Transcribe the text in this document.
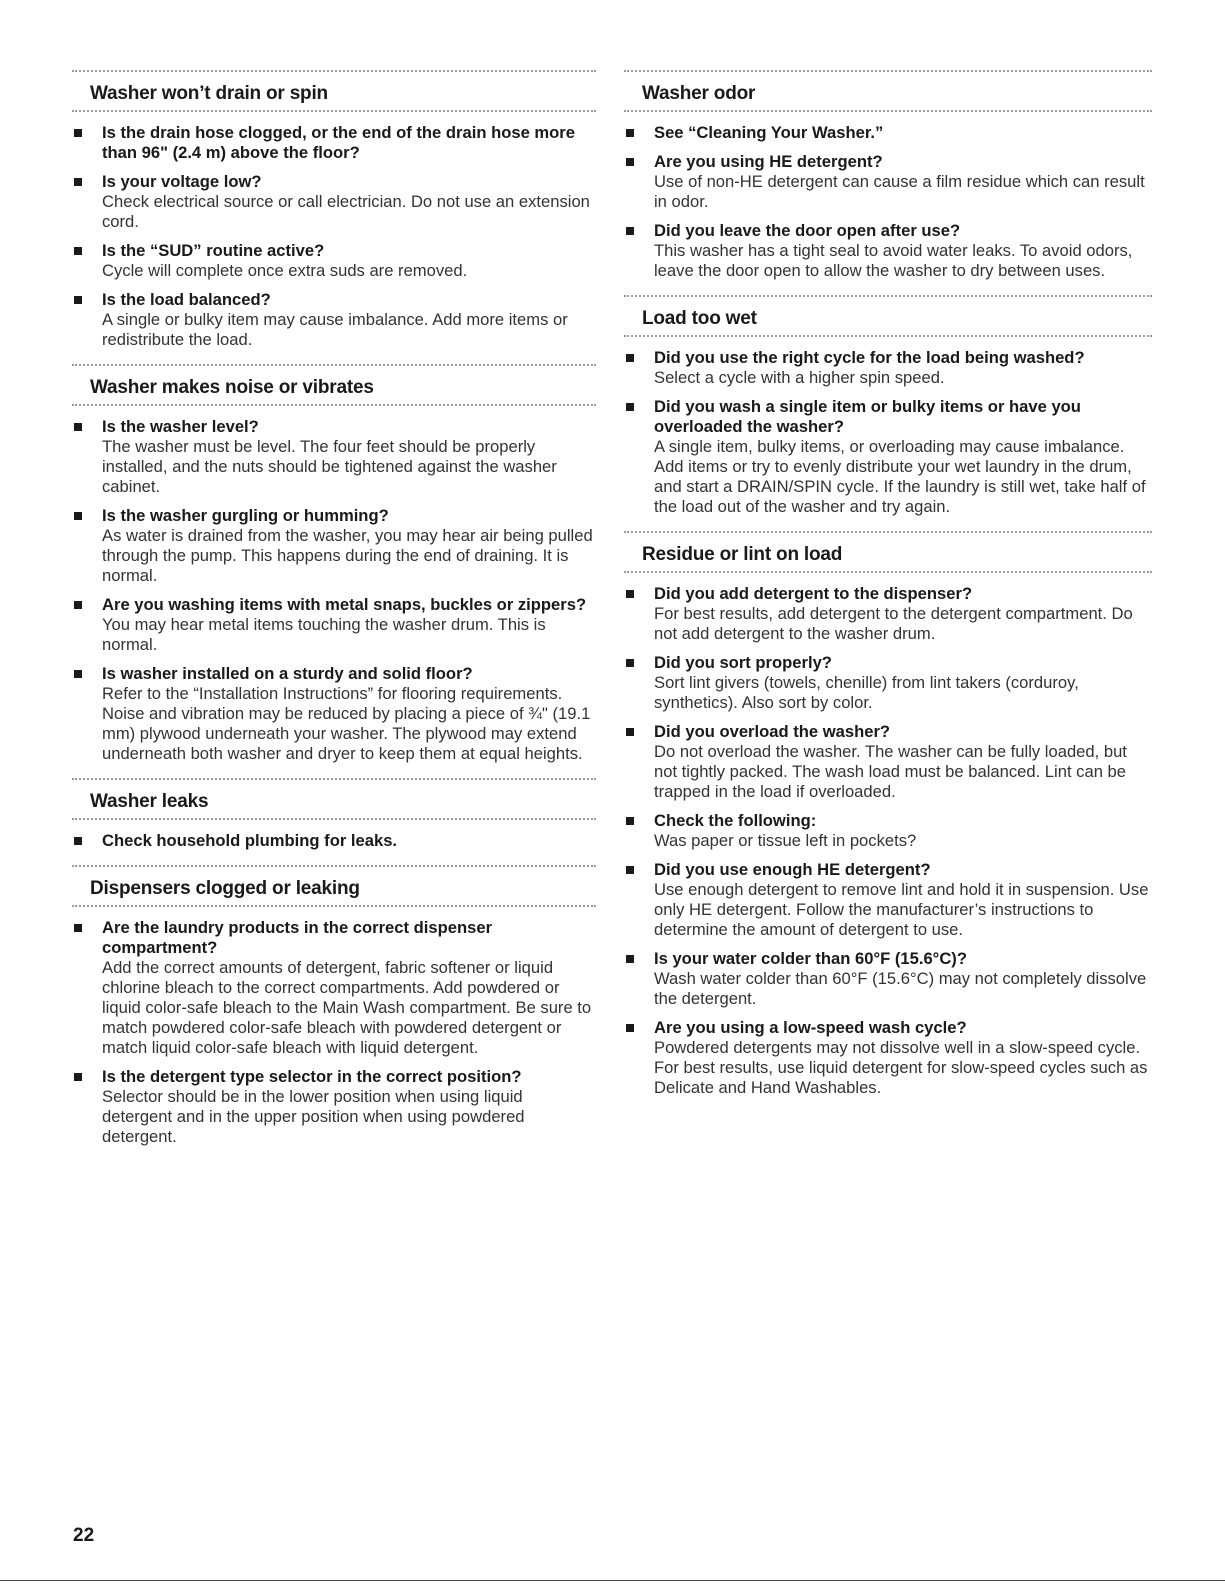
Washer won’t drain or spin
Is the drain hose clogged, or the end of the drain hose more than 96" (2.4 m) above the floor?
Is your voltage low?
Check electrical source or call electrician. Do not use an extension cord.
Is the “SUD” routine active?
Cycle will complete once extra suds are removed.
Is the load balanced?
A single or bulky item may cause imbalance. Add more items or redistribute the load.
Washer makes noise or vibrates
Is the washer level?
The washer must be level. The four feet should be properly installed, and the nuts should be tightened against the washer cabinet.
Is the washer gurgling or humming?
As water is drained from the washer, you may hear air being pulled through the pump. This happens during the end of draining. It is normal.
Are you washing items with metal snaps, buckles or zippers?
You may hear metal items touching the washer drum. This is normal.
Is washer installed on a sturdy and solid floor?
Refer to the “Installation Instructions” for flooring requirements. Noise and vibration may be reduced by placing a piece of ¾" (19.1 mm) plywood underneath your washer. The plywood may extend underneath both washer and dryer to keep them at equal heights.
Washer leaks
Check household plumbing for leaks.
Dispensers clogged or leaking
Are the laundry products in the correct dispenser compartment?
Add the correct amounts of detergent, fabric softener or liquid chlorine bleach to the correct compartments. Add powdered or liquid color-safe bleach to the Main Wash compartment. Be sure to match powdered color-safe bleach with powdered detergent or match liquid color-safe bleach with liquid detergent.
Is the detergent type selector in the correct position?
Selector should be in the lower position when using liquid detergent and in the upper position when using powdered detergent.
Washer odor
See “Cleaning Your Washer.”
Are you using HE detergent?
Use of non-HE detergent can cause a film residue which can result in odor.
Did you leave the door open after use?
This washer has a tight seal to avoid water leaks. To avoid odors, leave the door open to allow the washer to dry between uses.
Load too wet
Did you use the right cycle for the load being washed?
Select a cycle with a higher spin speed.
Did you wash a single item or bulky items or have you overloaded the washer?
A single item, bulky items, or overloading may cause imbalance. Add items or try to evenly distribute your wet laundry in the drum, and start a DRAIN/SPIN cycle. If the laundry is still wet, take half of the load out of the washer and try again.
Residue or lint on load
Did you add detergent to the dispenser?
For best results, add detergent to the detergent compartment. Do not add detergent to the washer drum.
Did you sort properly?
Sort lint givers (towels, chenille) from lint takers (corduroy, synthetics). Also sort by color.
Did you overload the washer?
Do not overload the washer. The washer can be fully loaded, but not tightly packed. The wash load must be balanced. Lint can be trapped in the load if overloaded.
Check the following:
Was paper or tissue left in pockets?
Did you use enough HE detergent?
Use enough detergent to remove lint and hold it in suspension. Use only HE detergent. Follow the manufacturer’s instructions to determine the amount of detergent to use.
Is your water colder than 60°F (15.6°C)?
Wash water colder than 60°F (15.6°C) may not completely dissolve the detergent.
Are you using a low-speed wash cycle?
Powdered detergents may not dissolve well in a slow-speed cycle. For best results, use liquid detergent for slow-speed cycles such as Delicate and Hand Washables.
22
